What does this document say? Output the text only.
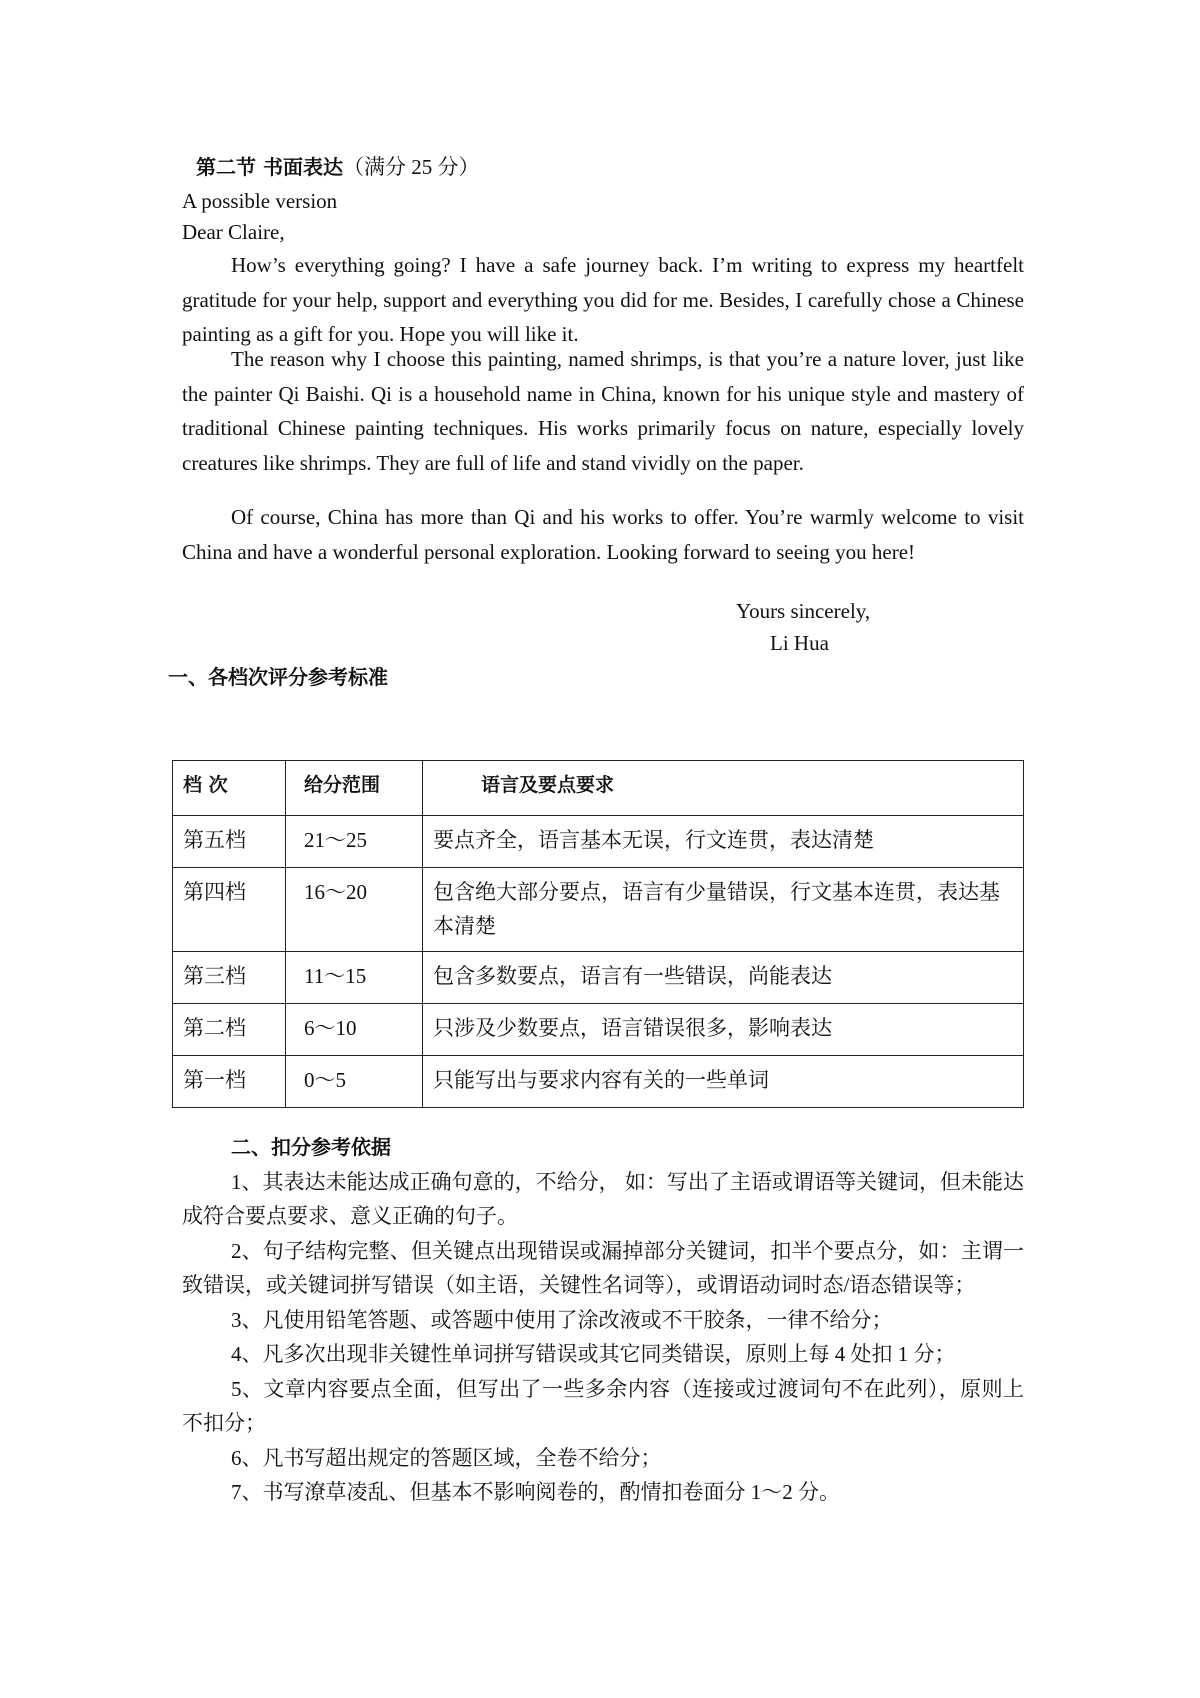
第二节 书面表达（满分 25 分）
A possible version
Dear Claire,
How’s everything going? I have a safe journey back. I’m writing to express my heartfelt gratitude for your help, support and everything you did for me. Besides, I carefully chose a Chinese painting as a gift for you. Hope you will like it.
The reason why I choose this painting, named shrimps, is that you’re a nature lover, just like the painter Qi Baishi. Qi is a household name in China, known for his unique style and mastery of traditional Chinese painting techniques. His works primarily focus on nature, especially lovely creatures like shrimps. They are full of life and stand vividly on the paper.
Of course, China has more than Qi and his works to offer. You’re warmly welcome to visit China and have a wonderful personal exploration. Looking forward to seeing you here!
Yours sincerely,
Li Hua
一、各档次评分参考标准
档 次	给分范围	语言及要点要求
第五档	21～25	要点齐全，语言基本无误，行文连贯，表达清楚
第四档	16～20	包含绝大部分要点，语言有少量错误，行文基本连贯，表达基本清楚
第三档	11～15	包含多数要点，语言有一些错误，尚能表达
第二档	6～10	只涉及少数要点，语言错误很多，影响表达
第一档	0～5	只能写出与要求内容有关的一些单词

二、扣分参考依据

1、其表达未能达成正确句意的，不给分， 如：写出了主语或谓语等关键词，但未能达成符合要点要求、意义正确的句子。

2、句子结构完整、但关键点出现错误或漏掉部分关键词，扣半个要点分，如：主谓一致错误，或关键词拼写错误（如主语，关键性名词等），或谓语动词时态/语态错误等；

3、凡使用铅笔答题、或答题中使用了涂改液或不干胶条，一律不给分；

4、凡多次出现非关键性单词拼写错误或其它同类错误，原则上每 4 处扣 1 分；

5、文章内容要点全面，但写出了一些多余内容（连接或过渡词句不在此列），原则上不扣分；

6、凡书写超出规定的答题区域，全卷不给分；

7、书写潦草凌乱、但基本不影响阅卷的，酌情扣卷面分 1～2 分。
